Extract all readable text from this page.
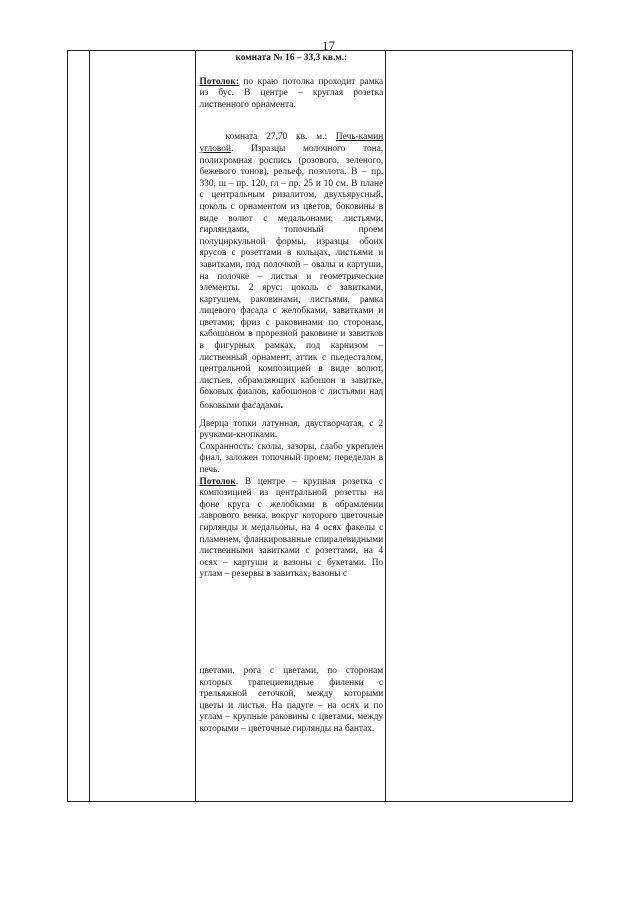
17

комната № 16 – 33,3 кв.м.:
Потолок: по краю потолка проходит рамка из бус. В центре – круглая розетка лиственного орнамента.
комната 27,70 кв. м.: Печь-камин угловой. Изразцы молочного тона, полихромная роспись (розового, зеленого, бежевого тонов), рельеф, позолота. В – пр. 330, ш – пр. 120, гл – пр. 25 и 10 см. В плане с центральным ризалитом, двухъярусный, цоколь с орнаментом из цветов, боковины в виде волют с медальонами, листьями, гирляндами, топочный проем полуциркульной формы, изразцы обоих ярусов с розеттами в кольцах, листьями и завитками, под полочкой – овалы и картуши, на полочке – листья и геометрические элементы. 2 ярус: цоколь с завитками, картушем, раковинами, листьями, рамка лицевого фасада с желобками, завитками и цветами; фриз с раковинами по сторонам, кабошоном в прорезной раковине и завитков в фигурных рамках, под карнизом – лиственный орнамент, аттик с пьедесталом, центральной композицией в виде волют, листьев, обрамляющих кабошон в завитке, боковых фиалов, кабошонов с листьями над боковыми фасадами.
Дверца топки латунная, двустворчатая, с 2 ручками-кнопками.
Сохранность: сколы, зазоры, слабо укреплен фиал, заложен топочный проем; переделан в печь.
Потолок. В центре – крупная розетка с композицией из центральной розетты на фоне круга с желобками в обрамлении лаврового венка, вокруг которого цветочные гирлянды и медальоны, на 4 осях факелы с пламенем, фланкированные спиралевидными лиственными завитками с розеттами, на 4 осях – картуши и вазоны с букетами. По углам – резервы в завитках, вазоны с
цветами, рога с цветами, по сторонам которых трапециевидные филенки с трельяжной сеточкой, между которыми цветы и листья. На падуге – на осях и по углам – крупные раковины с цветами, между которыми – цветочные гирлянды на бантах.
